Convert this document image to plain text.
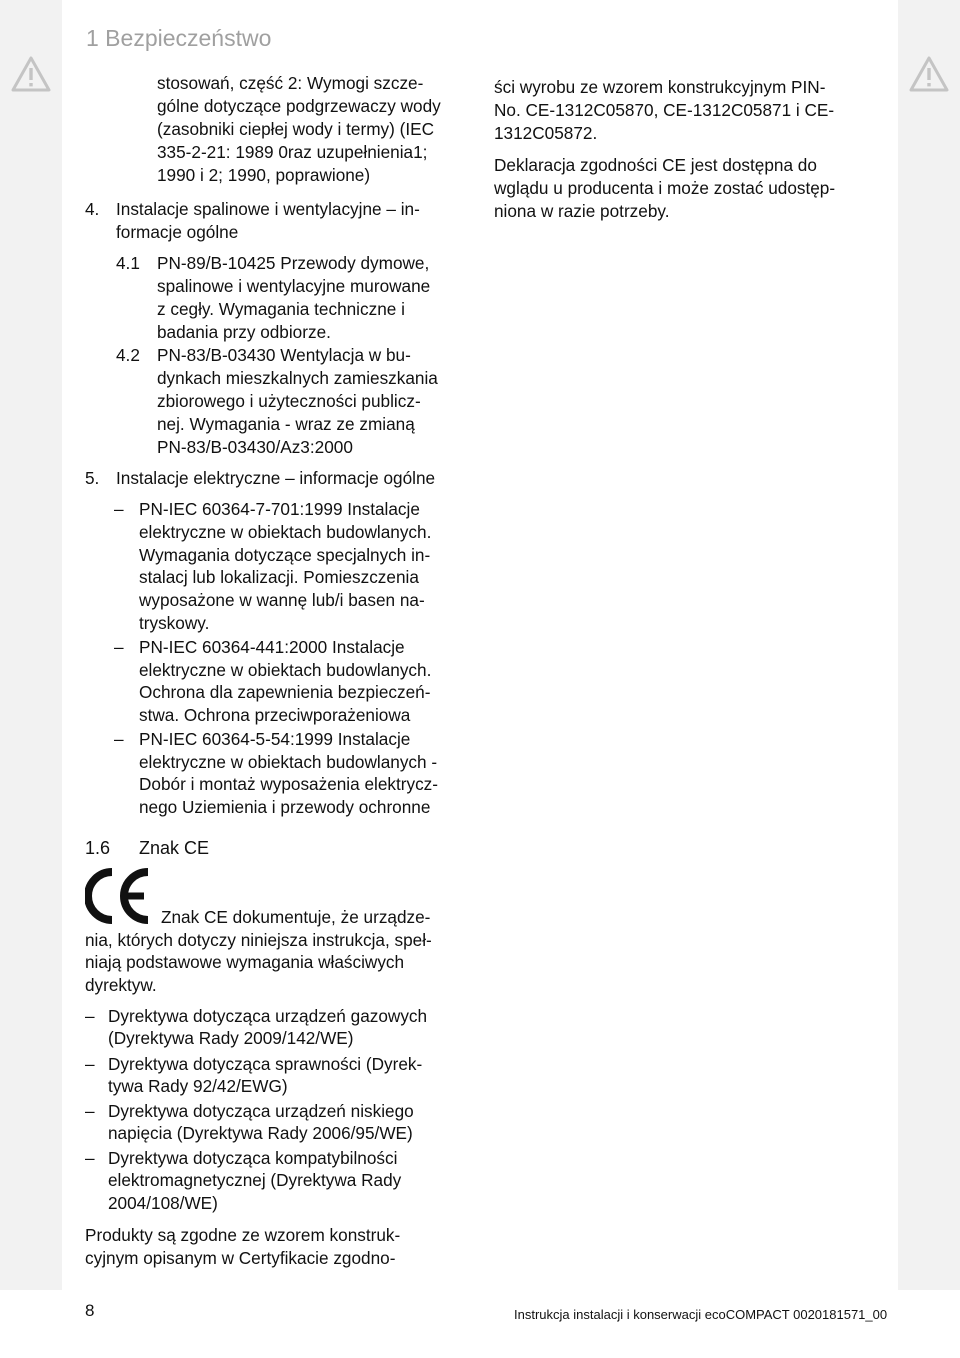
1 Bezpieczeństwo
stosowań, część 2: Wymogi szcze-
gólne dotyczące podgrzewaczy wody
(zasobniki ciepłej wody i termy) (IEC
335-2-21: 1989 0raz uzupełnienia1;
1990 i 2; 1990, poprawione)
4. Instalacje spalinowe i wentylacyjne – in-
formacje ogólne
4.1 PN-89/B-10425 Przewody dymowe,
spalinowe i wentylacyjne murowane
z cegły. Wymagania techniczne i
badania przy odbiorze.
4.2 PN-83/B-03430 Wentylacja w bu-
dynkach mieszkalnych zamieszkania
zbiorowego i użyteczności publicz-
nej. Wymagania - wraz ze zmianą
PN-83/B-03430/Az3:2000
5. Instalacje elektryczne – informacje ogólne
– PN-IEC 60364-7-701:1999 Instalacje
elektryczne w obiektach budowlanych.
Wymagania dotyczące specjalnych in-
stalacj lub lokalizacji. Pomieszczenia
wyposażone w wannę lub/i basen na-
tryskowy.
– PN-IEC 60364-441:2000 Instalacje
elektryczne w obiektach budowlanych.
Ochrona dla zapewnienia bezpieczeń-
stwa. Ochrona przeciwporażeniowa
– PN-IEC 60364-5-54:1999 Instalacje
elektryczne w obiektach budowlanych -
Dobór i montaż wyposażenia elektrycz-
nego Uziemienia i przewody ochronne
1.6 Znak CE
Znak CE dokumentuje, że urządze-
nia, których dotyczy niniejsza instrukcja, speł-
niają podstawowe wymagania właściwych
dyrektyw.
– Dyrektywa dotycząca urządzeń gazowych
(Dyrektywa Rady 2009/142/WE)
– Dyrektywa dotycząca sprawności (Dyrek-
tywa Rady 92/42/EWG)
– Dyrektywa dotycząca urządzeń niskiego
napięcia (Dyrektywa Rady 2006/95/WE)
– Dyrektywa dotycząca kompatybilności
elektromagnetycznej (Dyrektywa Rady
2004/108/WE)
Produkty są zgodne ze wzorem konstruk-
cyjnym opisanym w Certyfikacie zgodno-
ści wyrobu ze wzorem konstrukcyjnym PIN-
No. CE-1312C05870, CE-1312C05871 i CE-
1312C05872.
Deklaracja zgodności CE jest dostępna do
wglądu u producenta i może zostać udostęp-
niona w razie potrzeby.
8	Instrukcja instalacji i konserwacji ecoCOMPACT 0020181571_00
